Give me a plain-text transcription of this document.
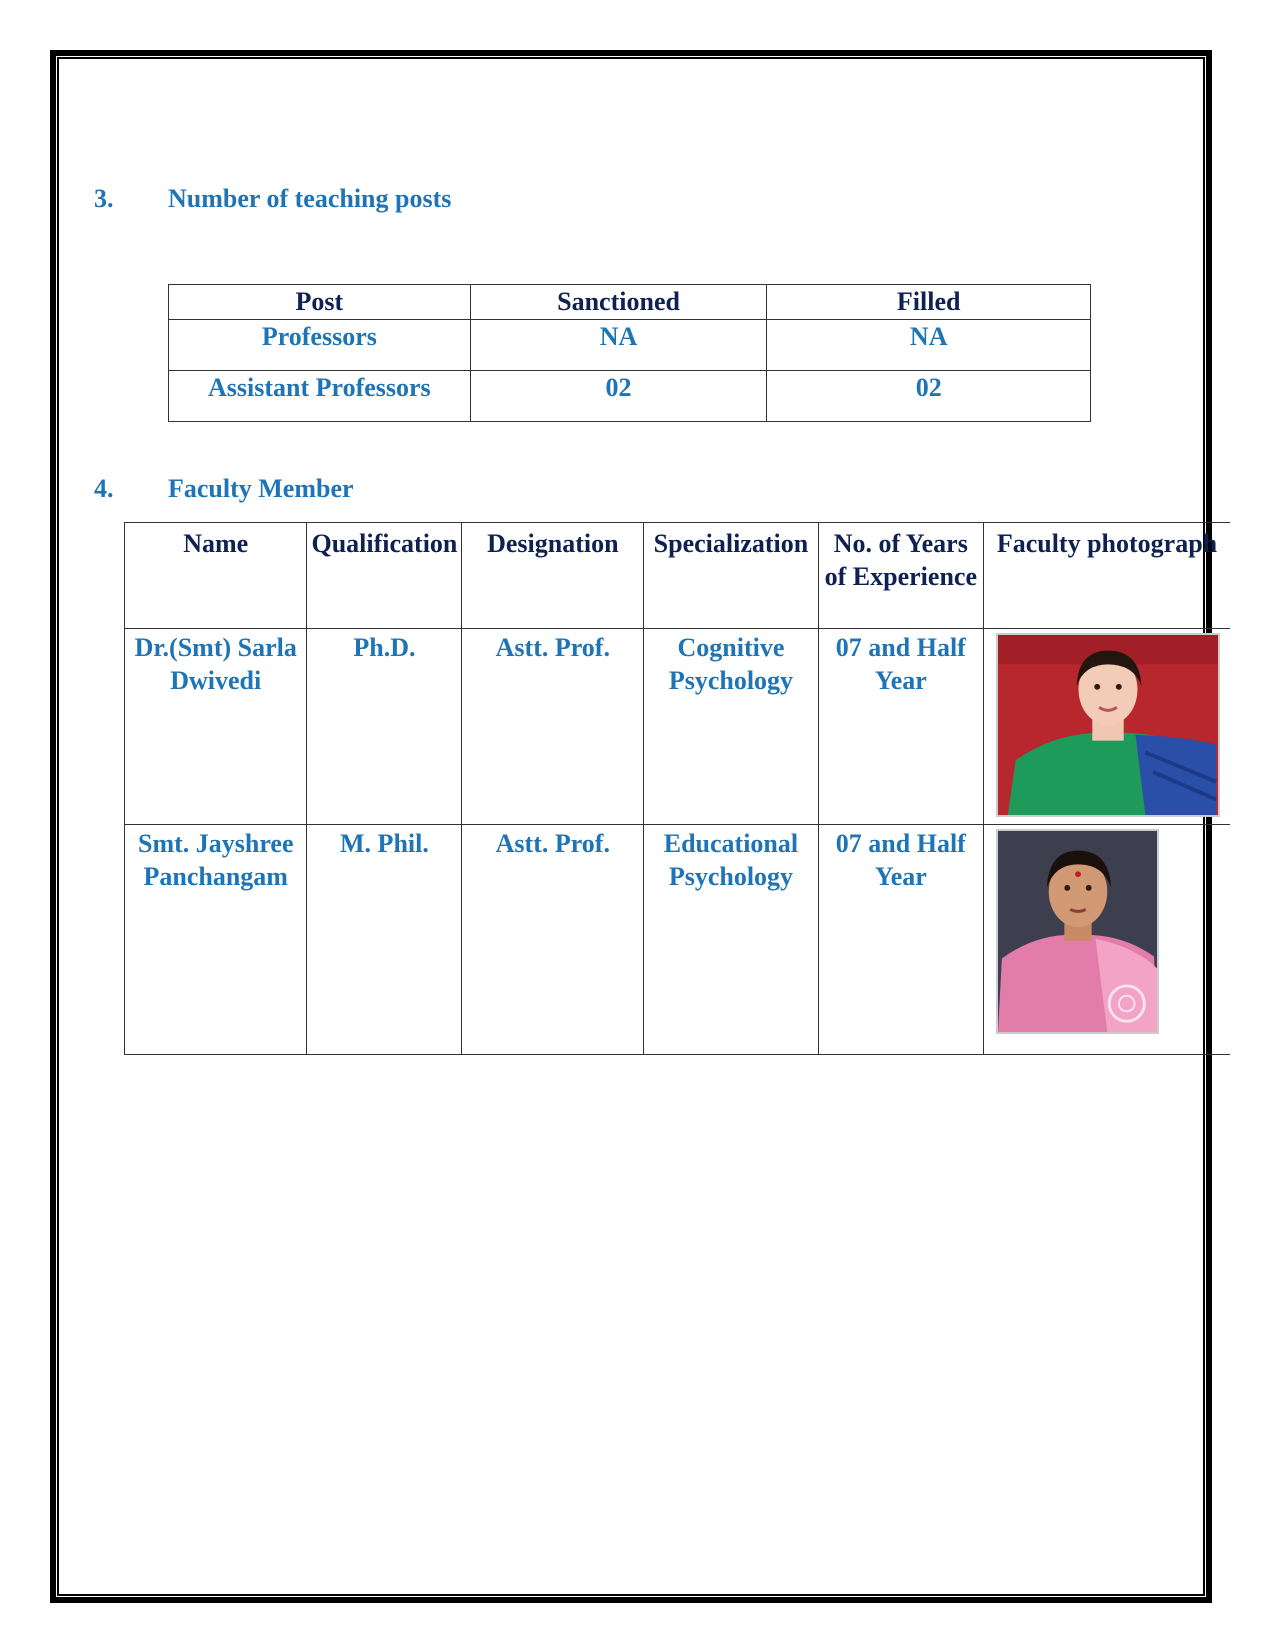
3. Number of teaching posts
Post	Sanctioned	Filled
Professors	NA	NA
Assistant Professors	02	02
4. Faculty Member
Name	Qualification	Designation	Specialization	No. of Years of Experience	Faculty photograph
Dr.(Smt) Sarla Dwivedi	Ph.D.	Astt. Prof.	Cognitive Psychology	07 and Half Year	

Smt. Jayshree Panchangam	M. Phil.	Astt. Prof.	Educational Psychology	07 and Half Year	
